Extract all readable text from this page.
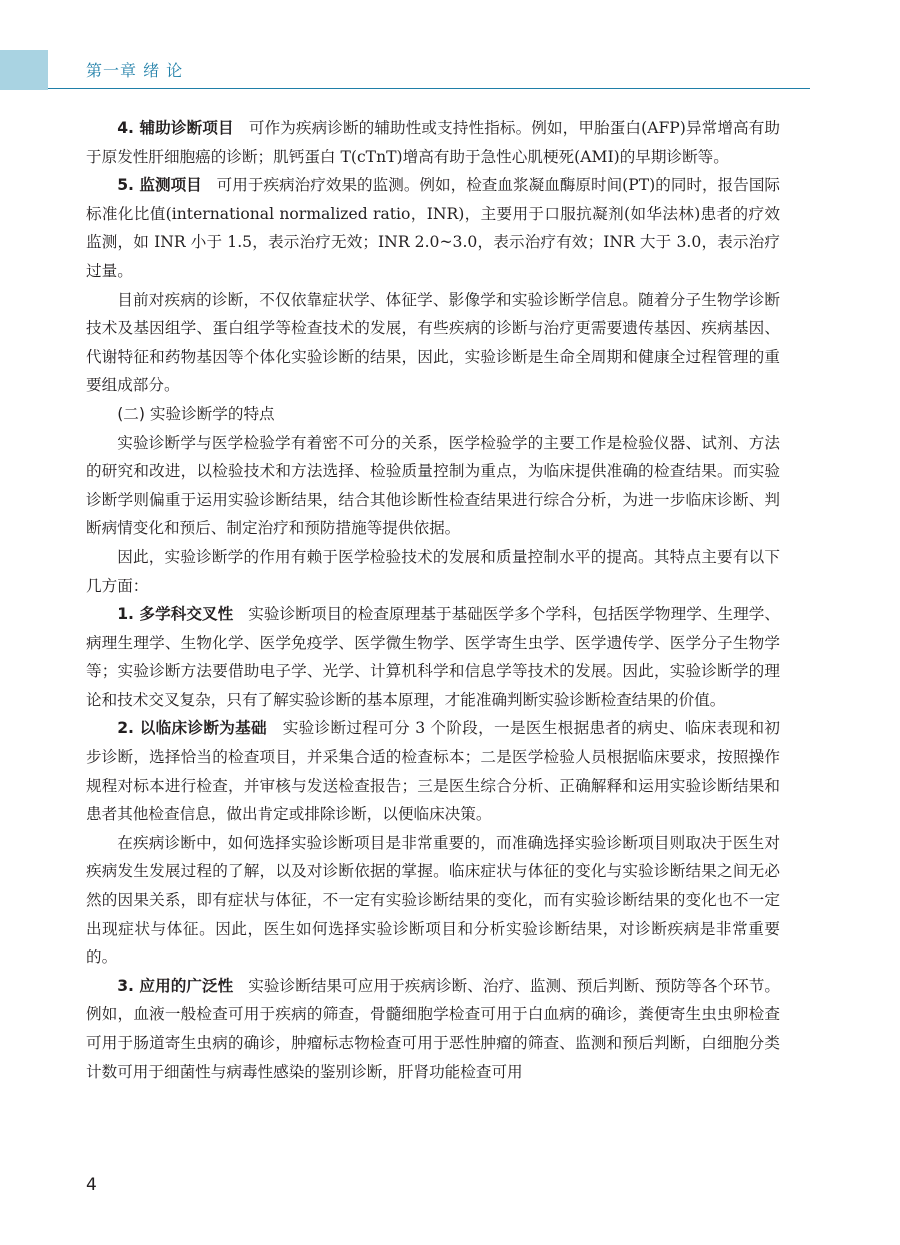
第一章 绪 论

4. 辅助诊断项目 可作为疾病诊断的辅助性或支持性指标。例如，甲胎蛋白(AFP)异常增高有助于原发性肝细胞癌的诊断；肌钙蛋白 T(cTnT)增高有助于急性心肌梗死(AMI)的早期诊断等。

5. 监测项目 可用于疾病治疗效果的监测。例如，检查血浆凝血酶原时间(PT)的同时，报告国际标准化比值(international normalized ratio，INR)，主要用于口服抗凝剂(如华法林)患者的疗效监测，如 INR 小于 1.5，表示治疗无效；INR 2.0~3.0，表示治疗有效；INR 大于 3.0，表示治疗过量。

目前对疾病的诊断，不仅依靠症状学、体征学、影像学和实验诊断学信息。随着分子生物学诊断技术及基因组学、蛋白组学等检查技术的发展，有些疾病的诊断与治疗更需要遗传基因、疾病基因、代谢特征和药物基因等个体化实验诊断的结果，因此，实验诊断是生命全周期和健康全过程管理的重要组成部分。

(二) 实验诊断学的特点

实验诊断学与医学检验学有着密不可分的关系，医学检验学的主要工作是检验仪器、试剂、方法的研究和改进，以检验技术和方法选择、检验质量控制为重点，为临床提供准确的检查结果。而实验诊断学则偏重于运用实验诊断结果，结合其他诊断性检查结果进行综合分析，为进一步临床诊断、判断病情变化和预后、制定治疗和预防措施等提供依据。

因此，实验诊断学的作用有赖于医学检验技术的发展和质量控制水平的提高。其特点主要有以下几方面：

1. 多学科交叉性 实验诊断项目的检查原理基于基础医学多个学科，包括医学物理学、生理学、病理生理学、生物化学、医学免疫学、医学微生物学、医学寄生虫学、医学遗传学、医学分子生物学等；实验诊断方法要借助电子学、光学、计算机科学和信息学等技术的发展。因此，实验诊断学的理论和技术交叉复杂，只有了解实验诊断的基本原理，才能准确判断实验诊断检查结果的价值。

2. 以临床诊断为基础 实验诊断过程可分 3 个阶段，一是医生根据患者的病史、临床表现和初步诊断，选择恰当的检查项目，并采集合适的检查标本；二是医学检验人员根据临床要求，按照操作规程对标本进行检查，并审核与发送检查报告；三是医生综合分析、正确解释和运用实验诊断结果和患者其他检查信息，做出肯定或排除诊断，以便临床决策。

在疾病诊断中，如何选择实验诊断项目是非常重要的，而准确选择实验诊断项目则取决于医生对疾病发生发展过程的了解，以及对诊断依据的掌握。临床症状与体征的变化与实验诊断结果之间无必然的因果关系，即有症状与体征，不一定有实验诊断结果的变化，而有实验诊断结果的变化也不一定出现症状与体征。因此，医生如何选择实验诊断项目和分析实验诊断结果，对诊断疾病是非常重要的。

3. 应用的广泛性 实验诊断结果可应用于疾病诊断、治疗、监测、预后判断、预防等各个环节。例如，血液一般检查可用于疾病的筛查，骨髓细胞学检查可用于白血病的确诊，粪便寄生虫虫卵检查可用于肠道寄生虫病的确诊，肿瘤标志物检查可用于恶性肿瘤的筛查、监测和预后判断，白细胞分类计数可用于细菌性与病毒性感染的鉴别诊断，肝肾功能检查可用

4
